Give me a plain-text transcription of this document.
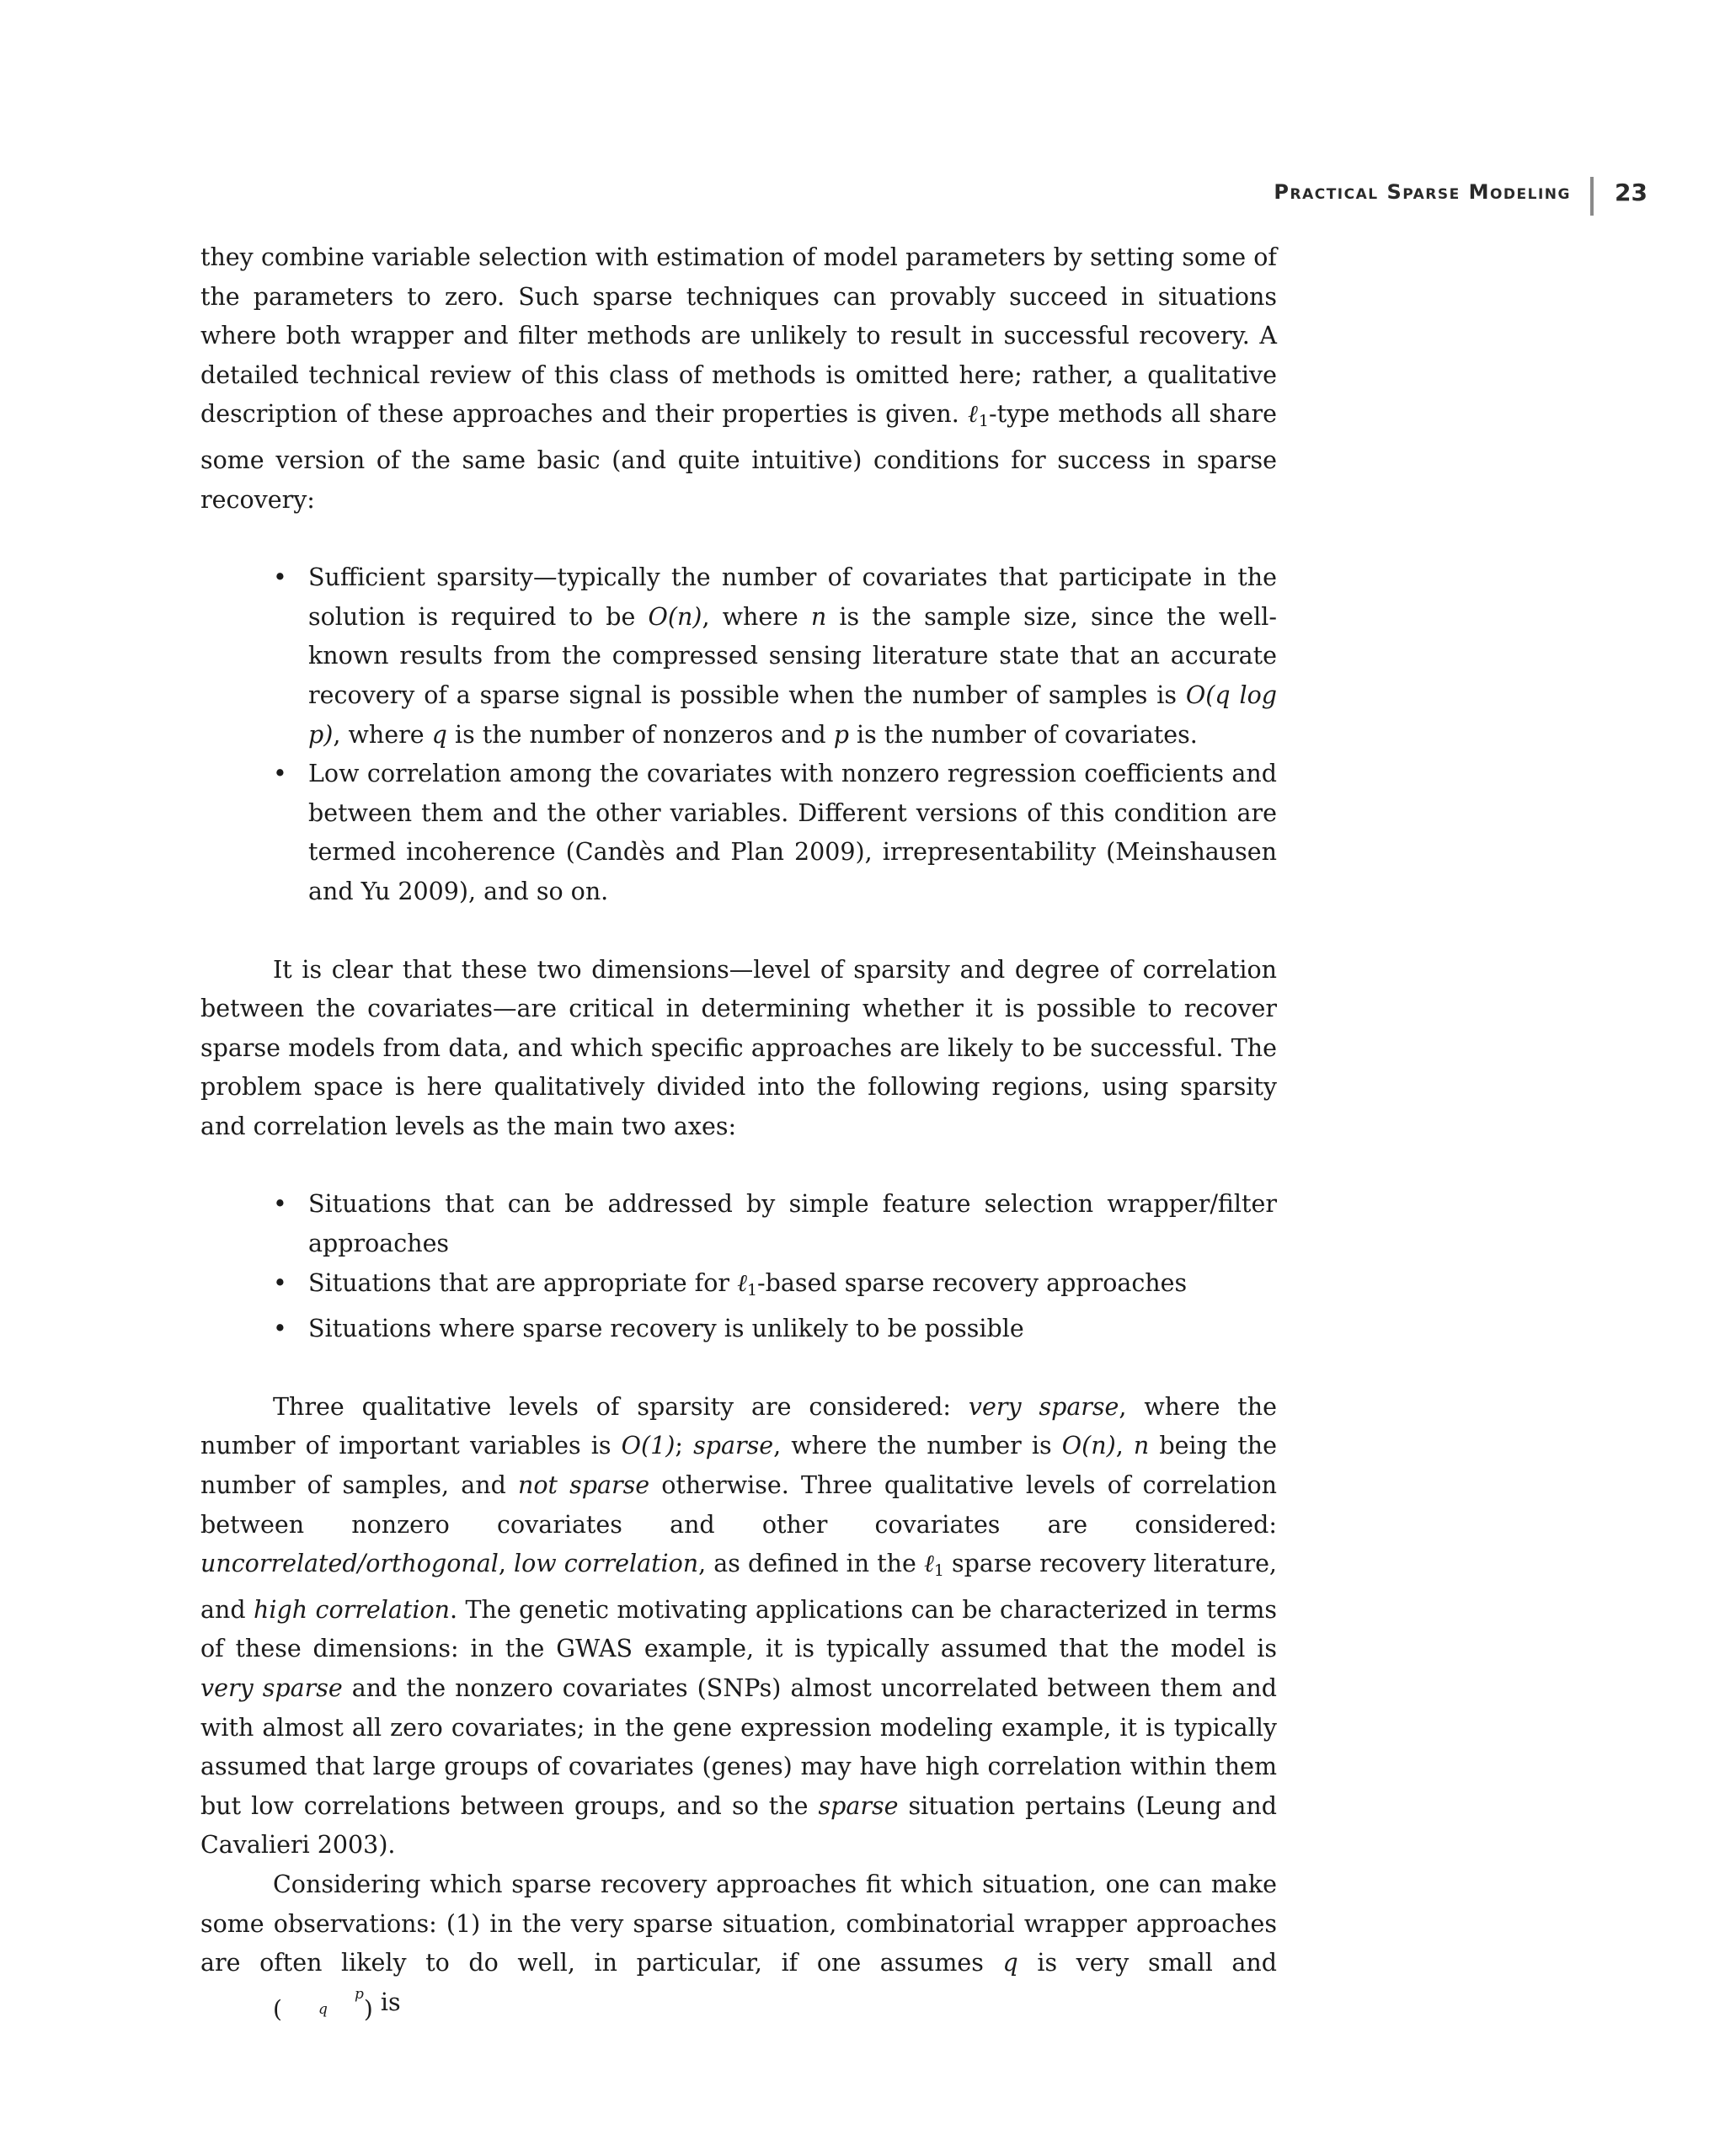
Practical Sparse Modeling 23

they combine variable selection with estimation of model parameters by setting some of the parameters to zero. Such sparse techniques can provably succeed in situations where both wrapper and filter methods are unlikely to result in successful recovery. A detailed technical review of this class of methods is omitted here; rather, a qualitative description of these approaches and their properties is given. ℓ$_1$-type methods all share some version of the same basic (and quite intuitive) conditions for success in sparse recovery:

• Sufficient sparsity—typically the number of covariates that participate in the solution is required to be O(n), where n is the sample size, since the well-known results from the compressed sensing literature state that an accurate recovery of a sparse signal is possible when the number of samples is O(q log p), where q is the number of nonzeros and p is the number of covariates.
• Low correlation among the covariates with nonzero regression coefficients and between them and the other variables. Different versions of this condition are termed incoherence (Candès and Plan 2009), irrepresentability (Meinshausen and Yu 2009), and so on.

It is clear that these two dimensions—level of sparsity and degree of correlation between the covariates—are critical in determining whether it is possible to recover sparse models from data, and which specific approaches are likely to be successful. The problem space is here qualitatively divided into the following regions, using sparsity and correlation levels as the main two axes:

• Situations that can be addressed by simple feature selection wrapper/filter approaches
• Situations that are appropriate for ℓ$_1$-based sparse recovery approaches
• Situations where sparse recovery is unlikely to be possible

Three qualitative levels of sparsity are considered: very sparse, where the number of important variables is O(1); sparse, where the number is O(n), n being the number of samples, and not sparse otherwise. Three qualitative levels of correlation between nonzero covariates and other covariates are considered: uncorrelated/orthogonal, low correlation, as defined in the ℓ$_1$ sparse recovery literature, and high correlation. The genetic motivating applications can be characterized in terms of these dimensions: in the GWAS example, it is typically assumed that the model is very sparse and the nonzero covariates (SNPs) almost uncorrelated between them and with almost all zero covariates; in the gene expression modeling example, it is typically assumed that large groups of covariates (genes) may have high correlation within them but low correlations between groups, and so the sparse situation pertains (Leung and Cavalieri 2003).

Considering which sparse recovery approaches fit which situation, one can make some observations: (1) in the very sparse situation, combinatorial wrapper approaches are often likely to do well, in particular, if one assumes q is very small and (p
q ) is
